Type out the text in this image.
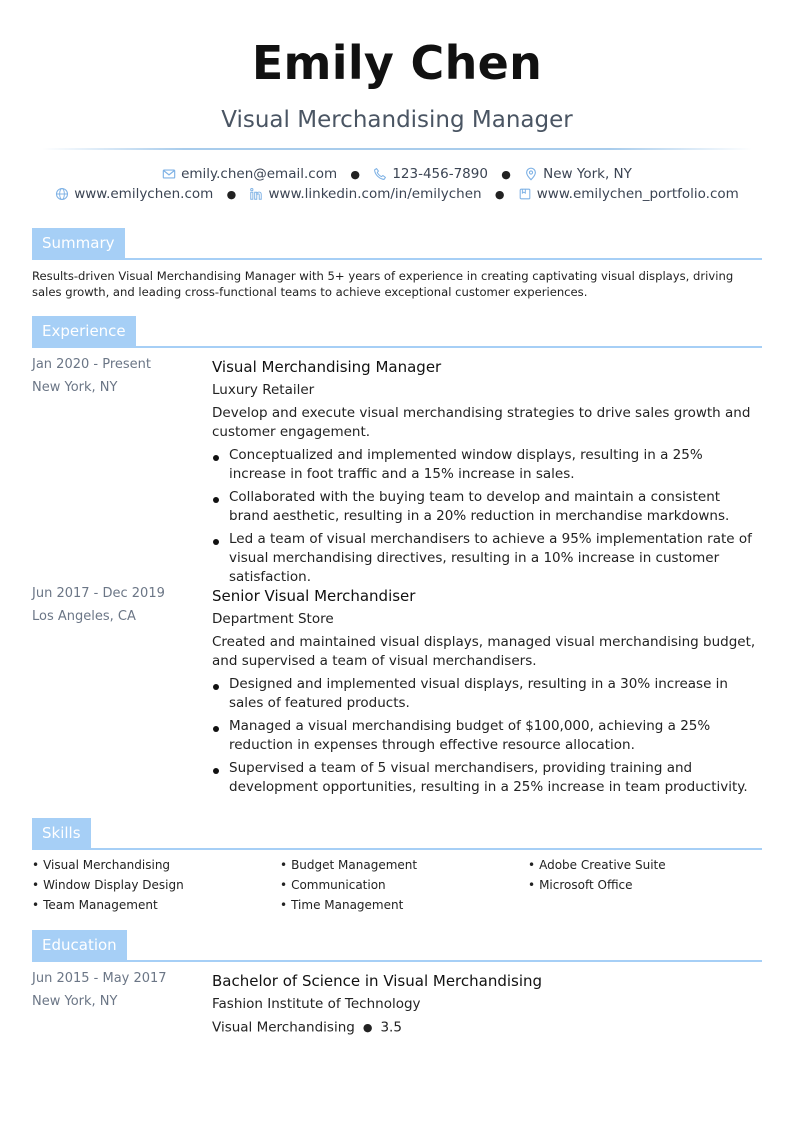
Emily Chen
Visual Merchandising Manager
emily.chen@email.com ● 123-456-7890 ● New York, NY
www.emilychen.com ● www.linkedin.com/in/emilychen ● www.emilychen_portfolio.com
Summary
Results-driven Visual Merchandising Manager with 5+ years of experience in creating captivating visual displays, driving sales growth, and leading cross-functional teams to achieve exceptional customer experiences.
Experience
Jan 2020 - Present
New York, NY
Visual Merchandising Manager
Luxury Retailer
Develop and execute visual merchandising strategies to drive sales growth and customer engagement.
Conceptualized and implemented window displays, resulting in a 25% increase in foot traffic and a 15% increase in sales.
Collaborated with the buying team to develop and maintain a consistent brand aesthetic, resulting in a 20% reduction in merchandise markdowns.
Led a team of visual merchandisers to achieve a 95% implementation rate of visual merchandising directives, resulting in a 10% increase in customer satisfaction.
Jun 2017 - Dec 2019
Los Angeles, CA
Senior Visual Merchandiser
Department Store
Created and maintained visual displays, managed visual merchandising budget, and supervised a team of visual merchandisers.
Designed and implemented visual displays, resulting in a 30% increase in sales of featured products.
Managed a visual merchandising budget of $100,000, achieving a 25% reduction in expenses through effective resource allocation.
Supervised a team of 5 visual merchandisers, providing training and development opportunities, resulting in a 25% increase in team productivity.
Skills
• Visual Merchandising	• Budget Management	• Adobe Creative Suite
• Window Display Design	• Communication	• Microsoft Office
• Team Management	• Time Management
Education
Jun 2015 - May 2017
New York, NY
Bachelor of Science in Visual Merchandising
Fashion Institute of Technology
Visual Merchandising ● 3.5
